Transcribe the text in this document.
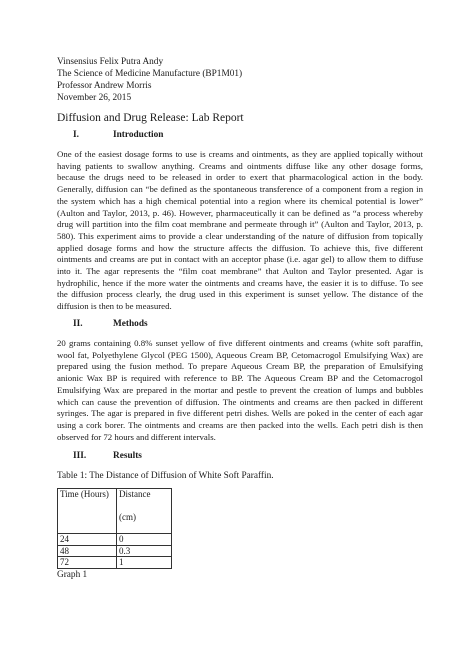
Vinsensius Felix Putra Andy
The Science of Medicine Manufacture (BP1M01)
Professor Andrew Morris
November 26, 2015
Diffusion and Drug Release: Lab Report
I.	Introduction
One of the easiest dosage forms to use is creams and ointments, as they are applied topically without having patients to swallow anything. Creams and ointments diffuse like any other dosage forms, because the drugs need to be released in order to exert that pharmacological action in the body. Generally, diffusion can “be defined as the spontaneous transference of a component from a region in the system which has a high chemical potential into a region where its chemical potential is lower” (Aulton and Taylor, 2013, p. 46). However, pharmaceutically it can be defined as “a process whereby drug will partition into the film coat membrane and permeate through it” (Aulton and Taylor, 2013, p. 580). This experiment aims to provide a clear understanding of the nature of diffusion from topically applied dosage forms and how the structure affects the diffusion. To achieve this, five different ointments and creams are put in contact with an acceptor phase (i.e. agar gel) to allow them to diffuse into it. The agar represents the “film coat membrane” that Aulton and Taylor presented. Agar is hydrophilic, hence if the more water the ointments and creams have, the easier it is to diffuse. To see the diffusion process clearly, the drug used in this experiment is sunset yellow. The distance of the diffusion is then to be measured.
II.	Methods
20 grams containing 0.8% sunset yellow of five different ointments and creams (white soft paraffin, wool fat, Polyethylene Glycol (PEG 1500), Aqueous Cream BP, Cetomacrogol Emulsifying Wax) are prepared using the fusion method. To prepare Aqueous Cream BP, the preparation of Emulsifying anionic Wax BP is required with reference to BP. The Aqueous Cream BP and the Cetomacrogol Emulsifying Wax are prepared in the mortar and pestle to prevent the creation of lumps and bubbles which can cause the prevention of diffusion. The ointments and creams are then packed in different syringes. The agar is prepared in five different petri dishes. Wells are poked in the center of each agar using a cork borer. The ointments and creams are then packed into the wells. Each petri dish is then observed for 72 hours and different intervals.
III.	Results
Table 1: The Distance of Diffusion of White Soft Paraffin.
Time (Hours)	Distance
(cm)

24	0
48	0.3
72	1
Graph 1
